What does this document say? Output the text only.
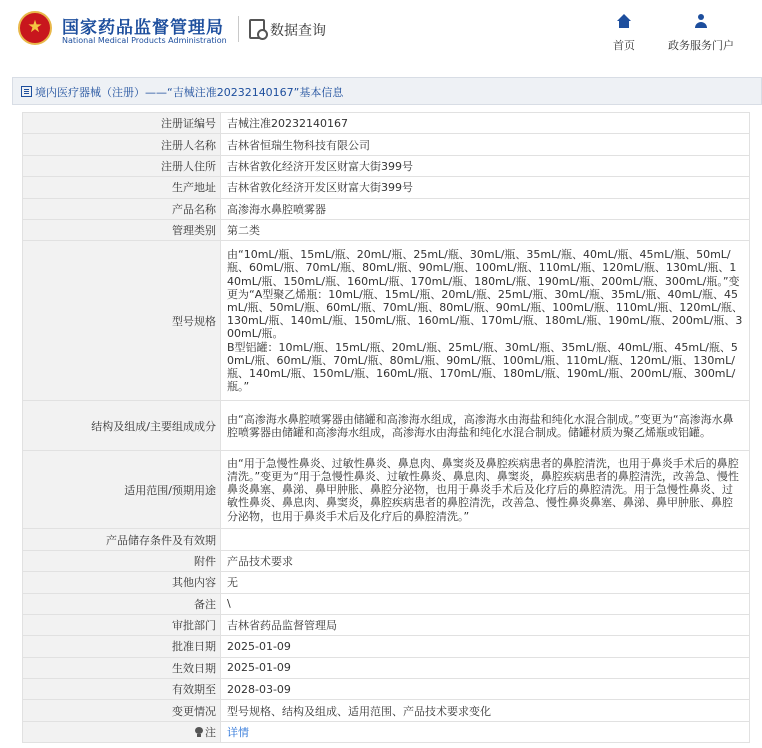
★
国家药品监督管理局
National Medical Products Administration
数据查询
首页	政务服务门户
境内医疗器械（注册）——“吉械注准20232140167”基本信息
注册证编号	吉械注准20232140167
注册人名称	吉林省恒瑞生物科技有限公司
注册人住所	吉林省敦化经济开发区财富大街399号
生产地址	吉林省敦化经济开发区财富大街399号
产品名称	高渗海水鼻腔喷雾器
管理类别	第二类
型号规格	由“10mL/瓶、15mL/瓶、20mL/瓶、25mL/瓶、30mL/瓶、35mL/瓶、40mL/瓶、45mL/瓶、50mL/瓶、60mL/瓶、70mL/瓶、80mL/瓶、90mL/瓶、100mL/瓶、110mL/瓶、120mL/瓶、130mL/瓶、140mL/瓶、150mL/瓶、160mL/瓶、170mL/瓶、180mL/瓶、190mL/瓶、200mL/瓶、300mL/瓶。”变更为“A型聚乙烯瓶：10mL/瓶、15mL/瓶、20mL/瓶、25mL/瓶、30mL/瓶、35mL/瓶、40mL/瓶、45mL/瓶、50mL/瓶、60mL/瓶、70mL/瓶、80mL/瓶、90mL/瓶、100mL/瓶、110mL/瓶、120mL/瓶、130mL/瓶、140mL/瓶、150mL/瓶、160mL/瓶、170mL/瓶、180mL/瓶、190mL/瓶、200mL/瓶、300mL/瓶。
B型铝罐：10mL/瓶、15mL/瓶、20mL/瓶、25mL/瓶、30mL/瓶、35mL/瓶、40mL/瓶、45mL/瓶、50mL/瓶、60mL/瓶、70mL/瓶、80mL/瓶、90mL/瓶、100mL/瓶、110mL/瓶、120mL/瓶、130mL/瓶、140mL/瓶、150mL/瓶、160mL/瓶、170mL/瓶、180mL/瓶、190mL/瓶、200mL/瓶、300mL/瓶。”

结构及组成/主要组成成分	由“高渗海水鼻腔喷雾器由储罐和高渗海水组成，高渗海水由海盐和纯化水混合制成。”变更为“高渗海水鼻腔喷雾器由储罐和高渗海水组成，高渗海水由海盐和纯化水混合制成。储罐材质为聚乙烯瓶或铝罐。
适用范围/预期用途	由“用于急慢性鼻炎、过敏性鼻炎、鼻息肉、鼻窦炎及鼻腔疾病患者的鼻腔清洗，也用于鼻炎手术后的鼻腔清洗。”变更为“用于急慢性鼻炎、过敏性鼻炎、鼻息肉、鼻窦炎，鼻腔疾病患者的鼻腔清洗，改善急、慢性鼻炎鼻塞、鼻涕、鼻甲肿胀、鼻腔分泌物，也用于鼻炎手术后及化疗后的鼻腔清洗。用于急慢性鼻炎、过敏性鼻炎、鼻息肉、鼻窦炎，鼻腔疾病患者的鼻腔清洗，改善急、慢性鼻炎鼻塞、鼻涕、鼻甲肿胀、鼻腔分泌物，也用于鼻炎手术后及化疗后的鼻腔清洗。”
产品储存条件及有效期	
附件	产品技术要求
其他内容	无
备注	\
审批部门	吉林省药品监督管理局
批准日期	2025-01-09
生效日期	2025-01-09
有效期至	2028-03-09
变更情况	型号规格、结构及组成、适用范围、产品技术要求变化

注	详情
